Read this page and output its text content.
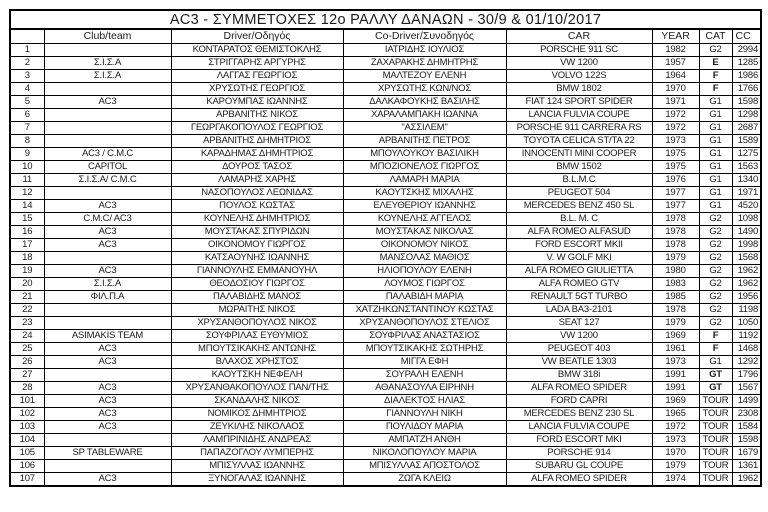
AC3 - ΣΥΜΜΕΤΟΧΕΣ 12ο ΡΑΛΛΥ ΔΑΝΑΩΝ - 30/9 & 01/10/2017							
	Club/team	Driver/Οδηγός	Co-Driver/Συνοδηγός	CAR	YEAR	CAT	CC
1		ΚΟΝΤΑΡΑΤΟΣ ΘΕΜΙΣΤΟΚΛΗΣ	ΙΑΤΡΙΔΗΣ ΙΟΥΛΙΟΣ	PORSCHE 911 SC	1982	G2	2994
2	Σ.Ι.Σ.Α	ΣΤΡΙΓΓΑΡΗΣ ΑΡΓΥΡΗΣ	ΖΑΧΑΡΑΚΗΣ ΔΗΜΗΤΡΗΣ	VW 1200	1957	E	1285
3	Σ.Ι.Σ.Α	ΛΑΓΓΑΣ ΓΕΩΡΓΙΟΣ	ΜΑΛΤΕΖΟΥ ΕΛΕΝΗ	VOLVO 122S	1964	F	1986
4		ΧΡΥΣΩΤΗΣ ΓΕΩΡΓΙΟΣ	ΧΡΥΣΩΤΗΣ ΚΩΝ/ΝΟΣ	BMW 1802	1970	F	1766
5	AC3	ΚΑΡΟΥΜΠΑΣ ΙΩΑΝΝΗΣ	ΔΑΛΚΑΦΟΥΚΗΣ ΒΑΣΙΛΗΣ	FIAT 124 SPORT SPIDER	1971	G1	1598
6		ΑΡΒΑΝΙΤΗΣ ΝΙΚΟΣ	ΧΑΡΑΛΑΜΠΑΚΗ ΙΩΑΝΝΑ	LANCIA FULVIA COUPE	1972	G1	1298
7		ΓΕΩΡΓΑΚΟΠΟΥΛΟΣ ΓΕΩΡΓΙΟΣ	"ΑΣΣΙΛΕΜ"	PORSCHE 911 CARRERA RS	1972	G1	2687
8		ΑΡΒΑΝΙΤΗΣ ΔΗΜΗΤΡΙΟΣ	ΑΡΒΑΝΙΤΗΣ ΠΕΤΡΟΣ	TOYOTA CELICA ST/TA 22	1973	G1	1589
9	AC3 / C.M.C	ΚΑΡΑΔΗΜΑΣ ΔΗΜΗΤΡΙΟΣ	ΜΠΟΥΛΟΥΚΟΥ ΒΑΣΙΛΙΚΗ	INNOCENTI MINI COOPER	1975	G1	1275
10	CAPITOL	ΔΟΥΡΟΣ ΤΑΣΟΣ	ΜΠΟΖΙΟΝΕΛΟΣ ΓΙΩΡΓΟΣ	BMW 1502	1975	G1	1563
11	Σ.Ι.Σ.Α/ C.M.C	ΛΑΜΑΡΗΣ ΧΑΡΗΣ	ΛΑΜΑΡΗ ΜΑΡΙΑ	B.L.M.C	1976	G1	1340
12		ΝΑΣΟΠΟΥΛΟΣ ΛΕΩΝΙΔΑΣ	ΚΑΟΥΤΣΚΗΣ ΜΙΧΑΛΗΣ	PEUGEOT 504	1977	G1	1971
14	AC3	ΠΟΥΛΟΣ ΚΩΣΤΑΣ	ΕΛΕΥΘΕΡΙΟΥ ΙΩΑΝΝΗΣ	MERCEDES BENZ 450 SL	1977	G1	4520
15	C.M.C/ AC3	ΚΟΥΝΕΛΗΣ ΔΗΜΗΤΡΙΟΣ	ΚΟΥΝΕΛΗΣ ΑΓΓΕΛΟΣ	B.L. M. C	1978	G2	1098
16	AC3	ΜΟΥΣΤΑΚΑΣ ΣΠΥΡΙΔΩΝ	ΜΟΥΣΤΑΚΑΣ ΝΙΚΟΛΑΣ	ALFA ROMEO ALFASUD	1978	G2	1490
17	AC3	ΟΙΚΟΝΟΜΟΥ ΓΙΩΡΓΟΣ	ΟΙΚΟΝΟΜΟΥ ΝΙΚΟΣ	FORD ESCORT MKII	1978	G2	1998
18		ΚΑΤΣΑΟΥΝΗΣ ΙΩΑΝΝΗΣ	ΜΑΝΣΟΛΑΣ ΜΑΘΙΟΣ	V. W GOLF MKI	1979	G2	1568
19	AC3	ΓΙΑΝΝΟΥΛΗΣ ΕΜΜΑΝΟΥΗΛ	ΗΛΙΟΠΟΥΛΟΥ ΕΛΕΝΗ	ALFA ROMEO GIULIETTA	1980	G2	1962
20	Σ.Ι.Σ.Α	ΘΕΟΔΟΣΙΟΥ ΓΙΩΡΓΟΣ	ΛΟΥΜΟΣ ΓΙΩΡΓΟΣ	ALFA ROMEO GTV	1983	G2	1962
21	ΦΙΛ.Π.Α	ΠΑΛΑΒΙΔΗΣ ΜΑΝΟΣ	ΠΑΛΑΒΙΔΗ ΜΑΡΙΑ	RENAULT 5GT TURBO	1985	G2	1956
22		ΜΩΡΑΙΤΗΣ ΝΙΚΟΣ	ΧΑΤΖΗΚΩΝΣΤΑΝΤΙΝΟΥ ΚΩΣΤΑΣ	LADA BA3-2101	1978	G2	1198
23		ΧΡΥΣΑΝΘΟΠΟΥΛΟΣ ΝΙΚΟΣ	ΧΡΥΣΑΝΘΟΠΟΥΛΟΣ ΣΤΕΛΙΟΣ	SEAT 127	1979	G2	1050
24	ASIMAKIS TEAM	ΣΟΥΦΡΙΛΑΣ ΕΥΘΥΜΙΟΣ	ΣΟΥΦΡΙΛΑΣ ΑΝΑΣΤΑΣΙΟΣ	VW 1200	1969	F	1192
25	AC3	ΜΠΟΥΤΣΙΚΑΚΗΣ ΑΝΤΩΝΗΣ	ΜΠΟΥΤΣΙΚΑΚΗΣ ΣΩΤΗΡΗΣ	PEUGEOT 403	1961	F	1468
26	AC3	ΒΛΑΧΟΣ ΧΡΗΣΤΟΣ	ΜΙΓΓΑ ΕΦΗ	VW BEATLE 1303	1973	G1	1292
27		ΚΑΟΥΤΣΚΗ ΝΕΦΕΛΗ	ΣΟΥΡΑΛΗ ΕΛΕΝΗ	BMW 318i	1991	GT	1796
28	AC3	ΧΡΥΣΑΝΘΑΚΟΠΟΥΛΟΣ ΠΑΝ/ΤΗΣ	ΑΘΑΝΑΣΟΥΛΑ ΕΙΡΗΝΗ	ALFA ROMEO SPIDER	1991	GT	1567
101	AC3	ΣΚΑΝΔΑΛΗΣ ΝΙΚΟΣ	ΔΙΑΛΕΚΤΟΣ ΗΛΙΑΣ	FORD CAPRI	1969	TOUR	1499
102	AC3	ΝΟΜΙΚΟΣ ΔΗΜΗΤΡΙΟΣ	ΓΙΑΝΝΟΥΛΗ ΝΙΚΗ	MERCEDES BENZ 230 SL	1965	TOUR	2308
103	AC3	ΖΕΥΚΙΛΗΣ ΝΙΚΟΛΑΟΣ	ΠΟΥΛΙΔΟΥ ΜΑΡΙΑ	LANCIA FULVIA COUPE	1972	TOUR	1584
104		ΛΑΜΠΡΙΝΙΔΗΣ ΑΝΔΡΕΑΣ	ΑΜΠΑΤΖΗ ΑΝΘΗ	FORD ESCORT MKI	1973	TOUR	1598
105	SP TABLEWARE	ΠΑΠΑΖΟΓΛΟΥ ΛΥΜΠΕΡΗΣ	ΝΙΚΟΛΟΠΟΥΛΟΥ ΜΑΡΙΑ	PORSCHE 914	1970	TOUR	1679
106		ΜΠΙΣΥΛΛΑΣ ΙΩΑΝΝΗΣ	ΜΠΙΣΥΛΛΑΣ ΑΠΟΣΤΟΛΟΣ	SUBARU GL COUPE	1979	TOUR	1361
107	AC3	ΞΥΝΟΓΑΛΑΣ ΙΩΑΝΝΗΣ	ΖΩΓΑ ΚΛΕΙΩ	ALFA ROMEO SPIDER	1974	TOUR	1962
